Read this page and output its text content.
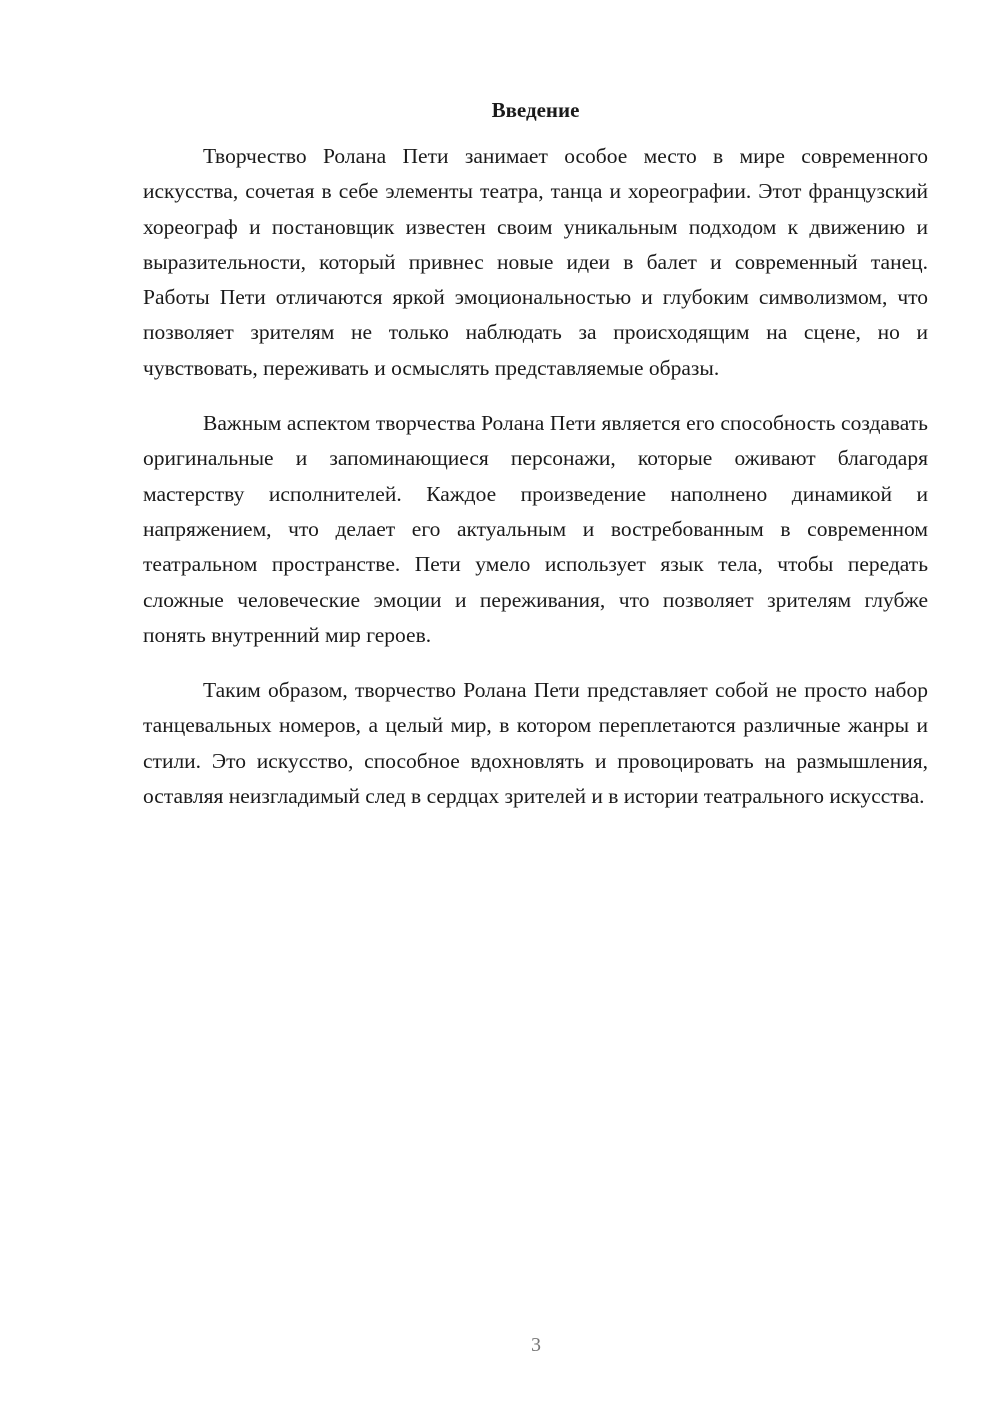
Введение

Творчество Ролана Пети занимает особое место в мире современного искусства, сочетая в себе элементы театра, танца и хореографии. Этот французский хореограф и постановщик известен своим уникальным подходом к движению и выразительности, который привнес новые идеи в балет и современный танец. Работы Пети отличаются яркой эмоциональностью и глубоким символизмом, что позволяет зрителям не только наблюдать за происходящим на сцене, но и чувствовать, переживать и осмыслять представляемые образы.

Важным аспектом творчества Ролана Пети является его способность создавать оригинальные и запоминающиеся персонажи, которые оживают благодаря мастерству исполнителей. Каждое произведение наполнено динамикой и напряжением, что делает его актуальным и востребованным в современном театральном пространстве. Пети умело использует язык тела, чтобы передать сложные человеческие эмоции и переживания, что позволяет зрителям глубже понять внутренний мир героев.

Таким образом, творчество Ролана Пети представляет собой не просто набор танцевальных номеров, а целый мир, в котором переплетаются различные жанры и стили. Это искусство, способное вдохновлять и провоцировать на размышления, оставляя неизгладимый след в сердцах зрителей и в истории театрального искусства.

3
